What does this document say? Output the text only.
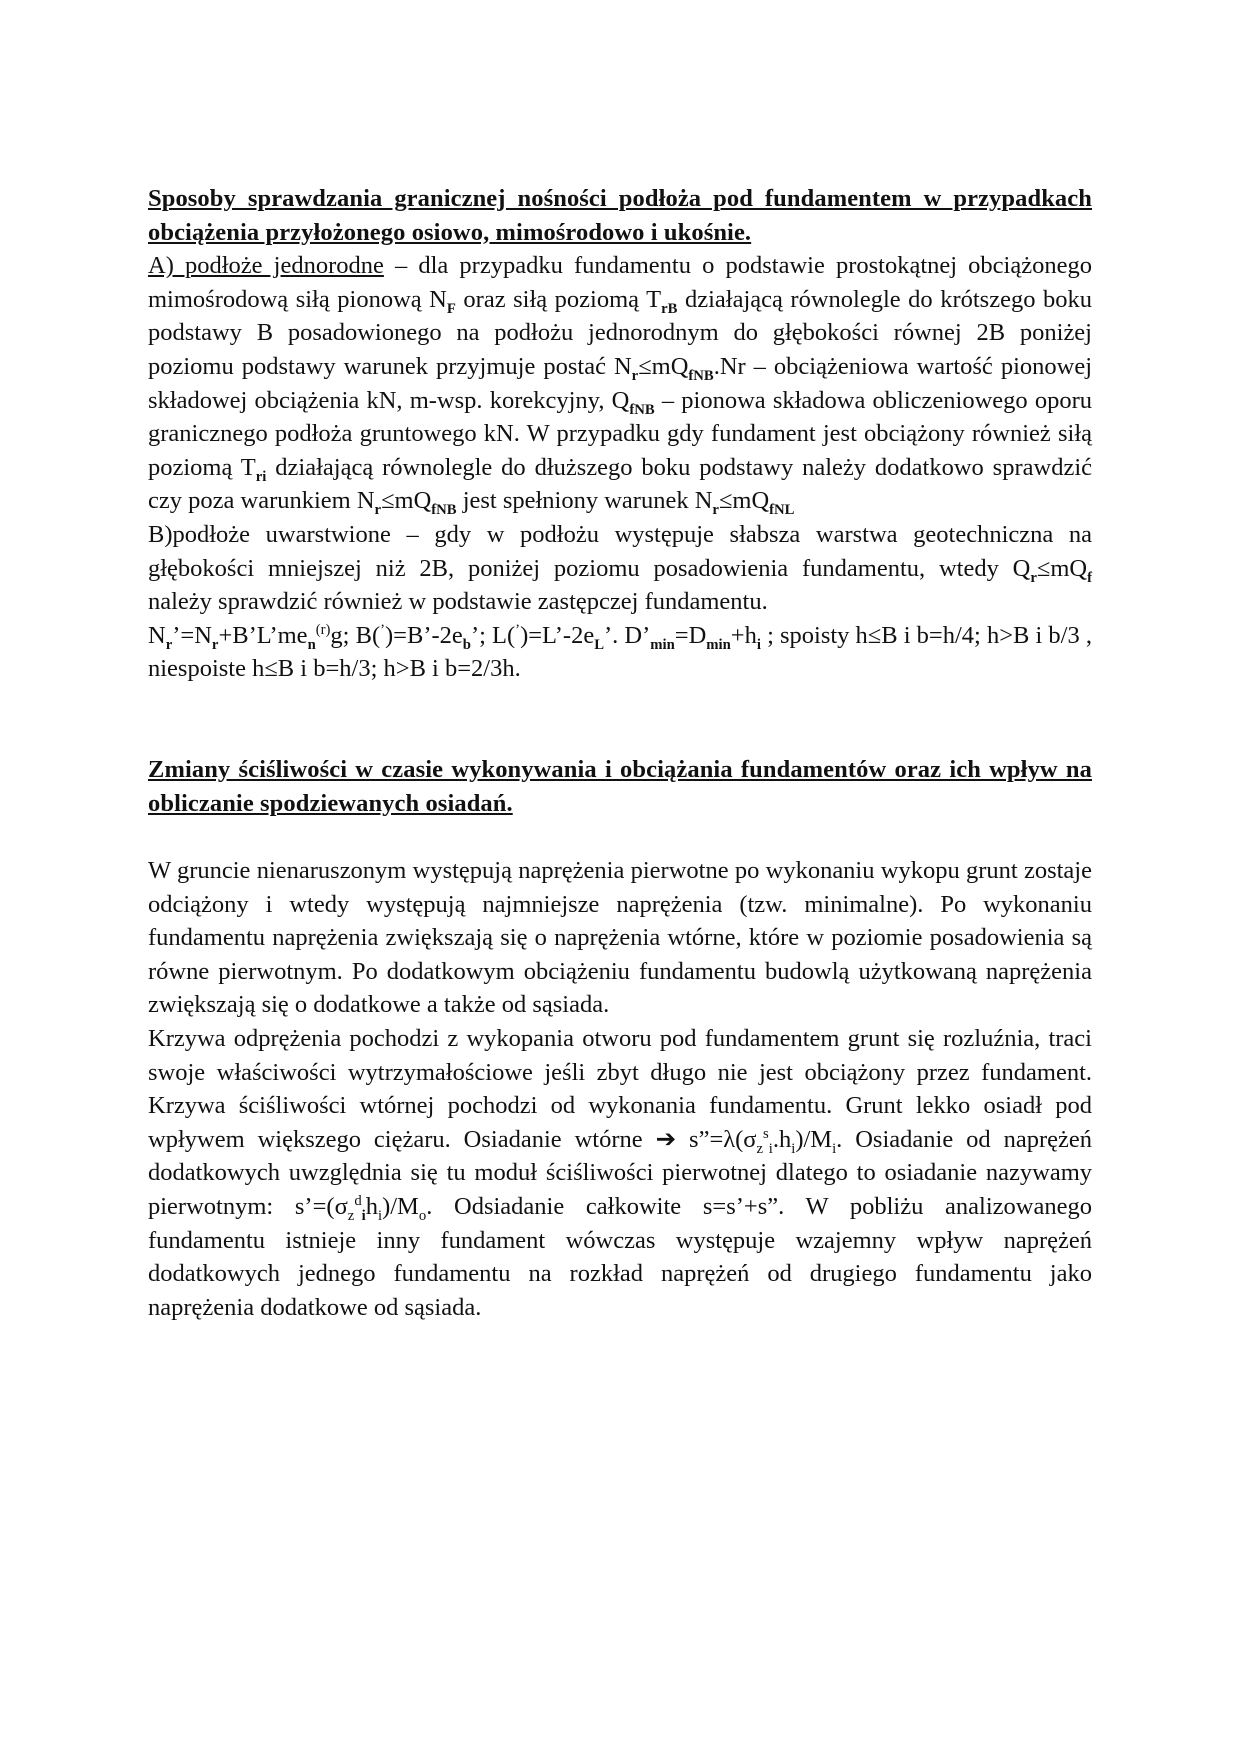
Sposoby sprawdzania granicznej nośności podłoża pod fundamentem w przypadkach obciążenia przyłożonego osiowo, mimośrodowo i ukośnie.

A) podłoże jednorodne – dla przypadku fundamentu o podstawie prostokątnej obciążonego mimośrodową siłą pionową $N_F$ oraz siłą poziomą $T_{rB}$ działającą równolegle do krótszego boku podstawy B posadowionego na podłożu jednorodnym do głębokości równej 2B poniżej poziomu podstawy warunek przyjmuje postać $N_r\le mQ_{fNB}.Nr$ – obciążeniowa wartość pionowej składowej obciążenia kN, m-wsp. korekcyjny, $Q_{fNB}$ – pionowa składowa obliczeniowego oporu granicznego podłoża gruntowego kN. W przypadku gdy fundament jest obciążony również siłą poziomą $T_{ri}$ działającą równolegle do dłuższego boku podstawy należy dodatkowo sprawdzić czy poza warunkiem $N_r\le mQ_{fNB}$ jest spełniony warunek $N_r\le mQ_{fNL}$

B)podłoże uwarstwione – gdy w podłożu występuje słabsza warstwa geotechniczna na głębokości mniejszej niż 2B, poniżej poziomu posadowienia fundamentu, wtedy $Q_r\le mQ_f$ należy sprawdzić również w podstawie zastępczej fundamentu.

$N_r’=N_r+B’L’me_n^{(r)}g$; $B(^’)=B’-2e_b$’; $L(^’)=L’-2e_L$’. $D’_{min}=D_{min}+h_i$ ; spoisty h≤B i b=h/4; h>B i b/3 , niespoiste h≤B i b=h/3; h>B i b=2/3h.

Zmiany ściśliwości w czasie wykonywania i obciążania fundamentów oraz ich wpływ na obliczanie spodziewanych osiadań.

W gruncie nienaruszonym występują naprężenia pierwotne po wykonaniu wykopu grunt zostaje odciążony i wtedy występują najmniejsze naprężenia (tzw. minimalne). Po wykonaniu fundamentu naprężenia zwiększają się o naprężenia wtórne, które w poziomie posadowienia są równe pierwotnym. Po dodatkowym obciążeniu fundamentu budowlą użytkowaną naprężenia zwiększają się o dodatkowe a także od sąsiada.

Krzywa odprężenia pochodzi z wykopania otworu pod fundamentem grunt się rozluźnia, traci swoje właściwości wytrzymałościowe jeśli zbyt długo nie jest obciążony przez fundament. Krzywa ściśliwości wtórnej pochodzi od wykonania fundamentu. Grunt lekko osiadł pod wpływem większego ciężaru. Osiadanie wtórne ➔ $s”=\lambda(\sigma_z^s_i.h_i)/M_i$. Osiadanie od naprężeń dodatkowych uwzględnia się tu moduł ściśliwości pierwotnej dlatego to osiadanie nazywamy pierwotnym: $s’=(\sigma_z^d_ih_i)/M_o$. Odsiadanie całkowite s=s’+s”. W pobliżu analizowanego fundamentu istnieje inny fundament wówczas występuje wzajemny wpływ naprężeń dodatkowych jednego fundamentu na rozkład naprężeń od drugiego fundamentu jako naprężenia dodatkowe od sąsiada.
